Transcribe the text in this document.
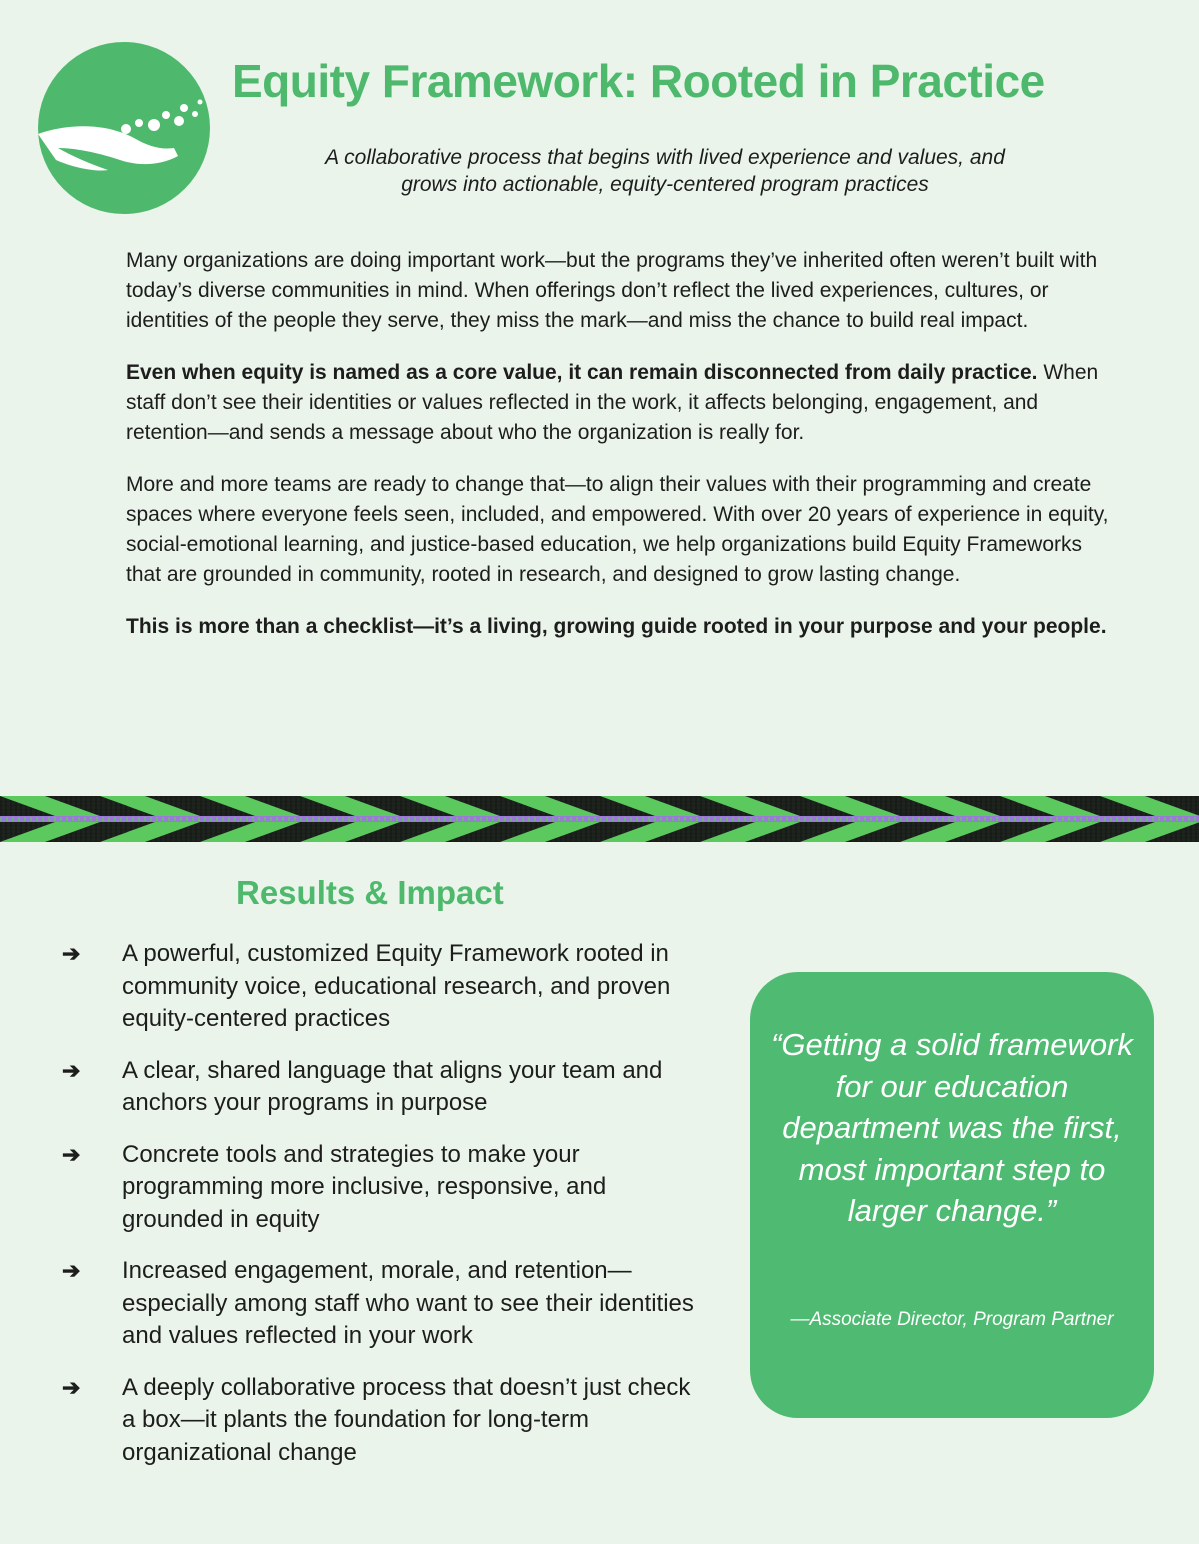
Equity Framework: Rooted in Practice
A collaborative process that begins with lived experience and values, and
grows into actionable, equity-centered program practices

Many organizations are doing important work—but the programs they’ve inherited often weren’t built with today’s diverse communities in mind. When offerings don’t reflect the lived experiences, cultures, or identities of the people they serve, they miss the mark—and miss the chance to build real impact.

Even when equity is named as a core value, it can remain disconnected from daily practice. When staff don’t see their identities or values reflected in the work, it affects belonging, engagement, and retention—and sends a message about who the organization is really for.

More and more teams are ready to change that—to align their values with their programming and create spaces where everyone feels seen, included, and empowered. With over 20 years of experience in equity, social-emotional learning, and justice-based education, we help organizations build Equity Frameworks that are grounded in community, rooted in research, and designed to grow lasting change.

This is more than a checklist—it’s a living, growing guide rooted in your purpose and your people.

Results & Impact
➔ A powerful, customized Equity Framework rooted in community voice, educational research, and proven equity-centered practices
➔ A clear, shared language that aligns your team and anchors your programs in purpose
➔ Concrete tools and strategies to make your programming more inclusive, responsive, and grounded in equity
➔ Increased engagement, morale, and retention—especially among staff who want to see their identities and values reflected in your work
➔ A deeply collaborative process that doesn’t just check a box—it plants the foundation for long-term organizational change

“Getting a solid framework for our education department was the first, most important step to larger change.”

—Associate Director, Program Partner
